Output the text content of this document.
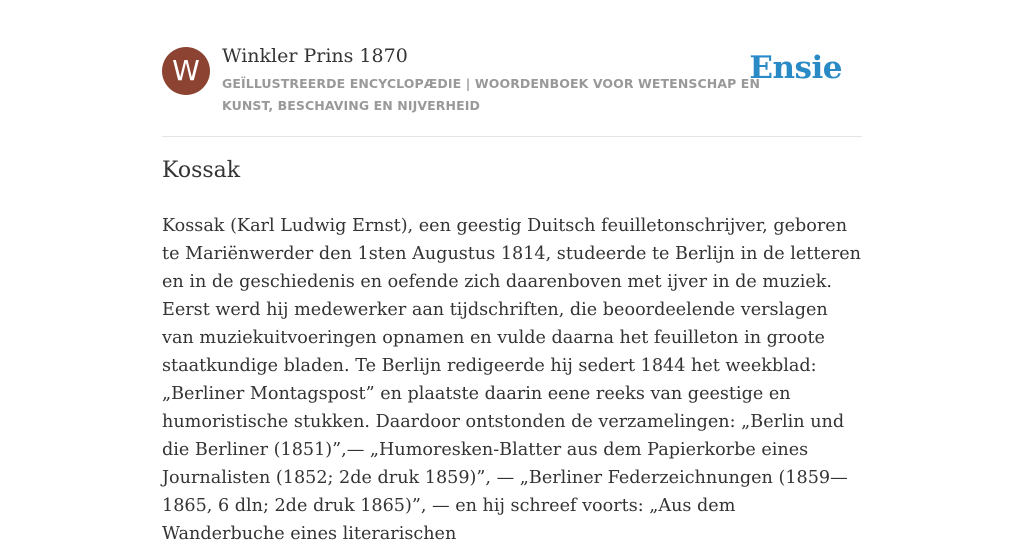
W	Winkler Prins 1870
GEÏLLUSTREERDE ENCYCLOPÆDIE | WOORDENBOEK VOOR WETENSCHAP EN KUNST, BESCHAVING EN NIJVERHEID
Ensie
Kossak

Kossak (Karl Ludwig Ernst), een geestig Duitsch feuilletonschrijver, geboren te Mariënwerder den 1sten Augustus 1814, studeerde te Berlijn in de letteren en in de geschiedenis en oefende zich daarenboven met ijver in de muziek. Eerst werd hij medewerker aan tijdschriften, die beoordeelende verslagen van muziekuitvoeringen opnamen en vulde daarna het feuilleton in groote staatkundige bladen. Te Berlijn redigeerde hij sedert 1844 het weekblad: „Berliner Montagspost” en plaatste daarin eene reeks van geestige en humoristische stukken. Daardoor ontstonden de verzamelingen: „Berlin und die Berliner (1851)”,— „Humoresken-Blatter aus dem Papierkorbe eines Journalisten (1852; 2de druk 1859)”, — „Berliner Federzeichnungen (1859—1865, 6 dln; 2de druk 1865)”, — en hij schreef voorts: „Aus dem Wanderbuche eines literarischen
